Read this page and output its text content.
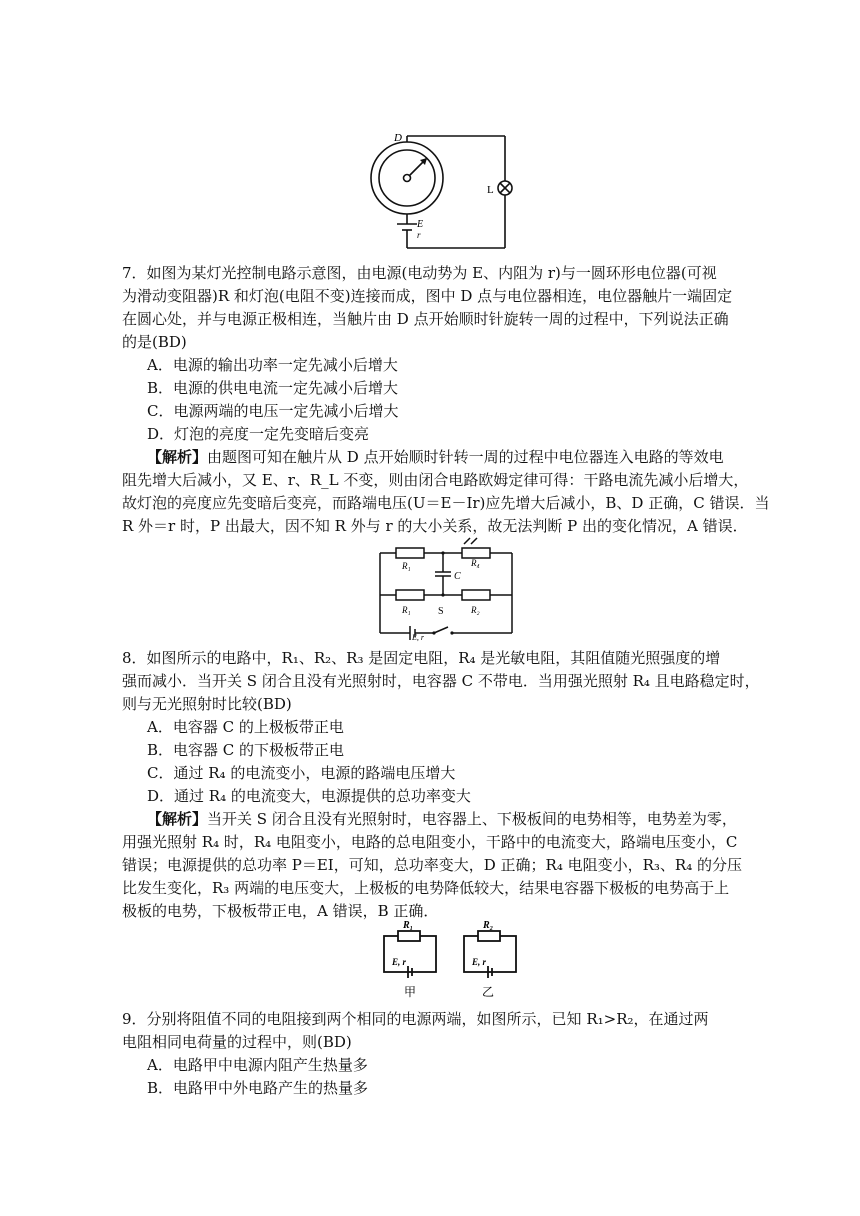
D
L
E
r
7．如图为某灯光控制电路示意图，由电源(电动势为 E、内阻为 r)与一圆环形电位器(可视
为滑动变阻器)R 和灯泡(电阻不变)连接而成，图中 D 点与电位器相连，电位器触片一端固定
在圆心处，并与电源正极相连，当触片由 D 点开始顺时针旋转一周的过程中，下列说法正确
的是(BD)
A．电源的输出功率一定先减小后增大
B．电源的供电电流一定先减小后增大
C．电源两端的电压一定先减小后增大
D．灯泡的亮度一定先变暗后变亮
【解析】由题图可知在触片从 D 点开始顺时针转一周的过程中电位器连入电路的等效电
阻先增大后减小，又 E、r、R_L 不变，则由闭合电路欧姆定律可得：干路电流先减小后增大，
故灯泡的亮度应先变暗后变亮，而路端电压(U＝E－Ir)应先增大后减小，B、D 正确，C 错误．当
R 外＝r 时，P 出最大，因不知 R 外与 r 的大小关系，故无法判断 P 出的变化情况，A 错误．
R₁	R₄
C
R₁	S	R₂
E, r
8．如图所示的电路中，R₁、R₂、R₃ 是固定电阻，R₄ 是光敏电阻，其阻值随光照强度的增
强而减小．当开关 S 闭合且没有光照射时，电容器 C 不带电．当用强光照射 R₄ 且电路稳定时，
则与无光照射时比较(BD)
A．电容器 C 的上极板带正电
B．电容器 C 的下极板带正电
C．通过 R₄ 的电流变小，电源的路端电压增大
D．通过 R₄ 的电流变大，电源提供的总功率变大
【解析】当开关 S 闭合且没有光照射时，电容器上、下极板间的电势相等，电势差为零，
用强光照射 R₄ 时，R₄ 电阻变小，电路的总电阻变小，干路中的电流变大，路端电压变小，C
错误；电源提供的总功率 P＝EI，可知，总功率变大，D 正确；R₄ 电阻变小，R₃、R₄ 的分压
比发生变化，R₃ 两端的电压变大，上极板的电势降低较大，结果电容器下极板的电势高于上
极板的电势，下极板带正电，A 错误，B 正确．
R₁	R₂
E, r	E, r
甲	乙
9．分别将阻值不同的电阻接到两个相同的电源两端，如图所示，已知 R₁>R₂，在通过两
电阻相同电荷量的过程中，则(BD)
A．电路甲中电源内阻产生热量多
B．电路甲中外电路产生的热量多
